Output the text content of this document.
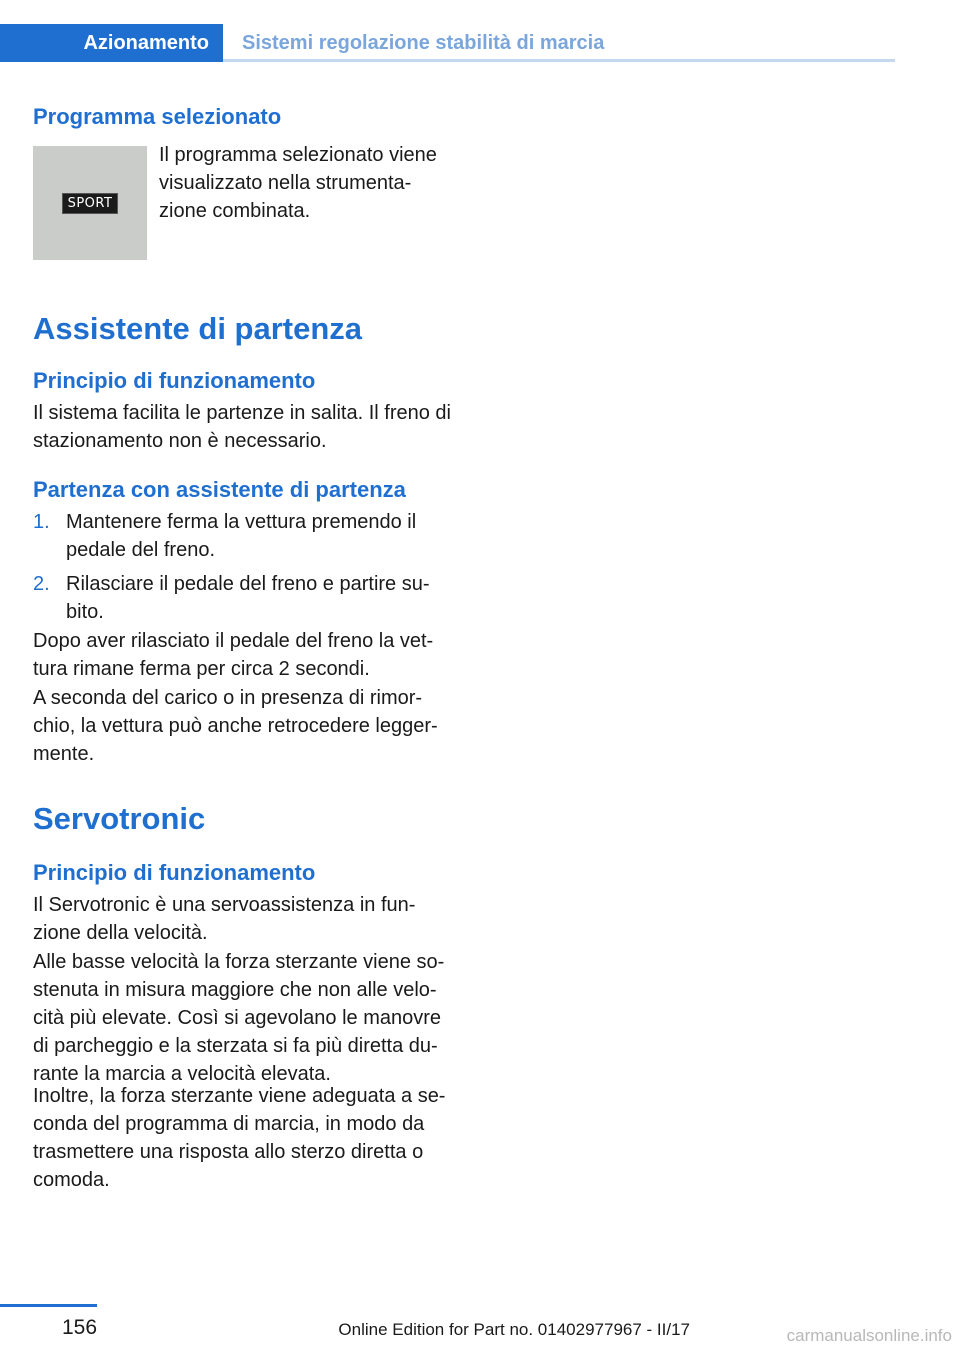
Azionamento	Sistemi regolazione stabilità di marcia
Programma selezionato
SPORT

Il programma selezionato viene visualizzato nella strumenta-zione combinata.

Assistente di partenza
Principio di funzionamento

Il sistema facilita le partenze in salita. Il freno di stazionamento non è necessario.

Partenza con assistente di partenza
1. Mantenere ferma la vettura premendo il pedale del freno.
2. Rilasciare il pedale del freno e partire su-bito.

Dopo aver rilasciato il pedale del freno la vet-tura rimane ferma per circa 2 secondi.

A seconda del carico o in presenza di rimor-chio, la vettura può anche retrocedere legger-mente.

Servotronic
Principio di funzionamento

Il Servotronic è una servoassistenza in fun-zione della velocità.

Alle basse velocità la forza sterzante viene so-stenuta in misura maggiore che non alle velo-cità più elevate. Così si agevolano le manovre di parcheggio e la sterzata si fa più diretta du-rante la marcia a velocità elevata.

Inoltre, la forza sterzante viene adeguata a se-conda del programma di marcia, in modo da trasmettere una risposta allo sterzo diretta o comoda.

156	Online Edition for Part no. 01402977967 - II/17	carmanualsonline.info
